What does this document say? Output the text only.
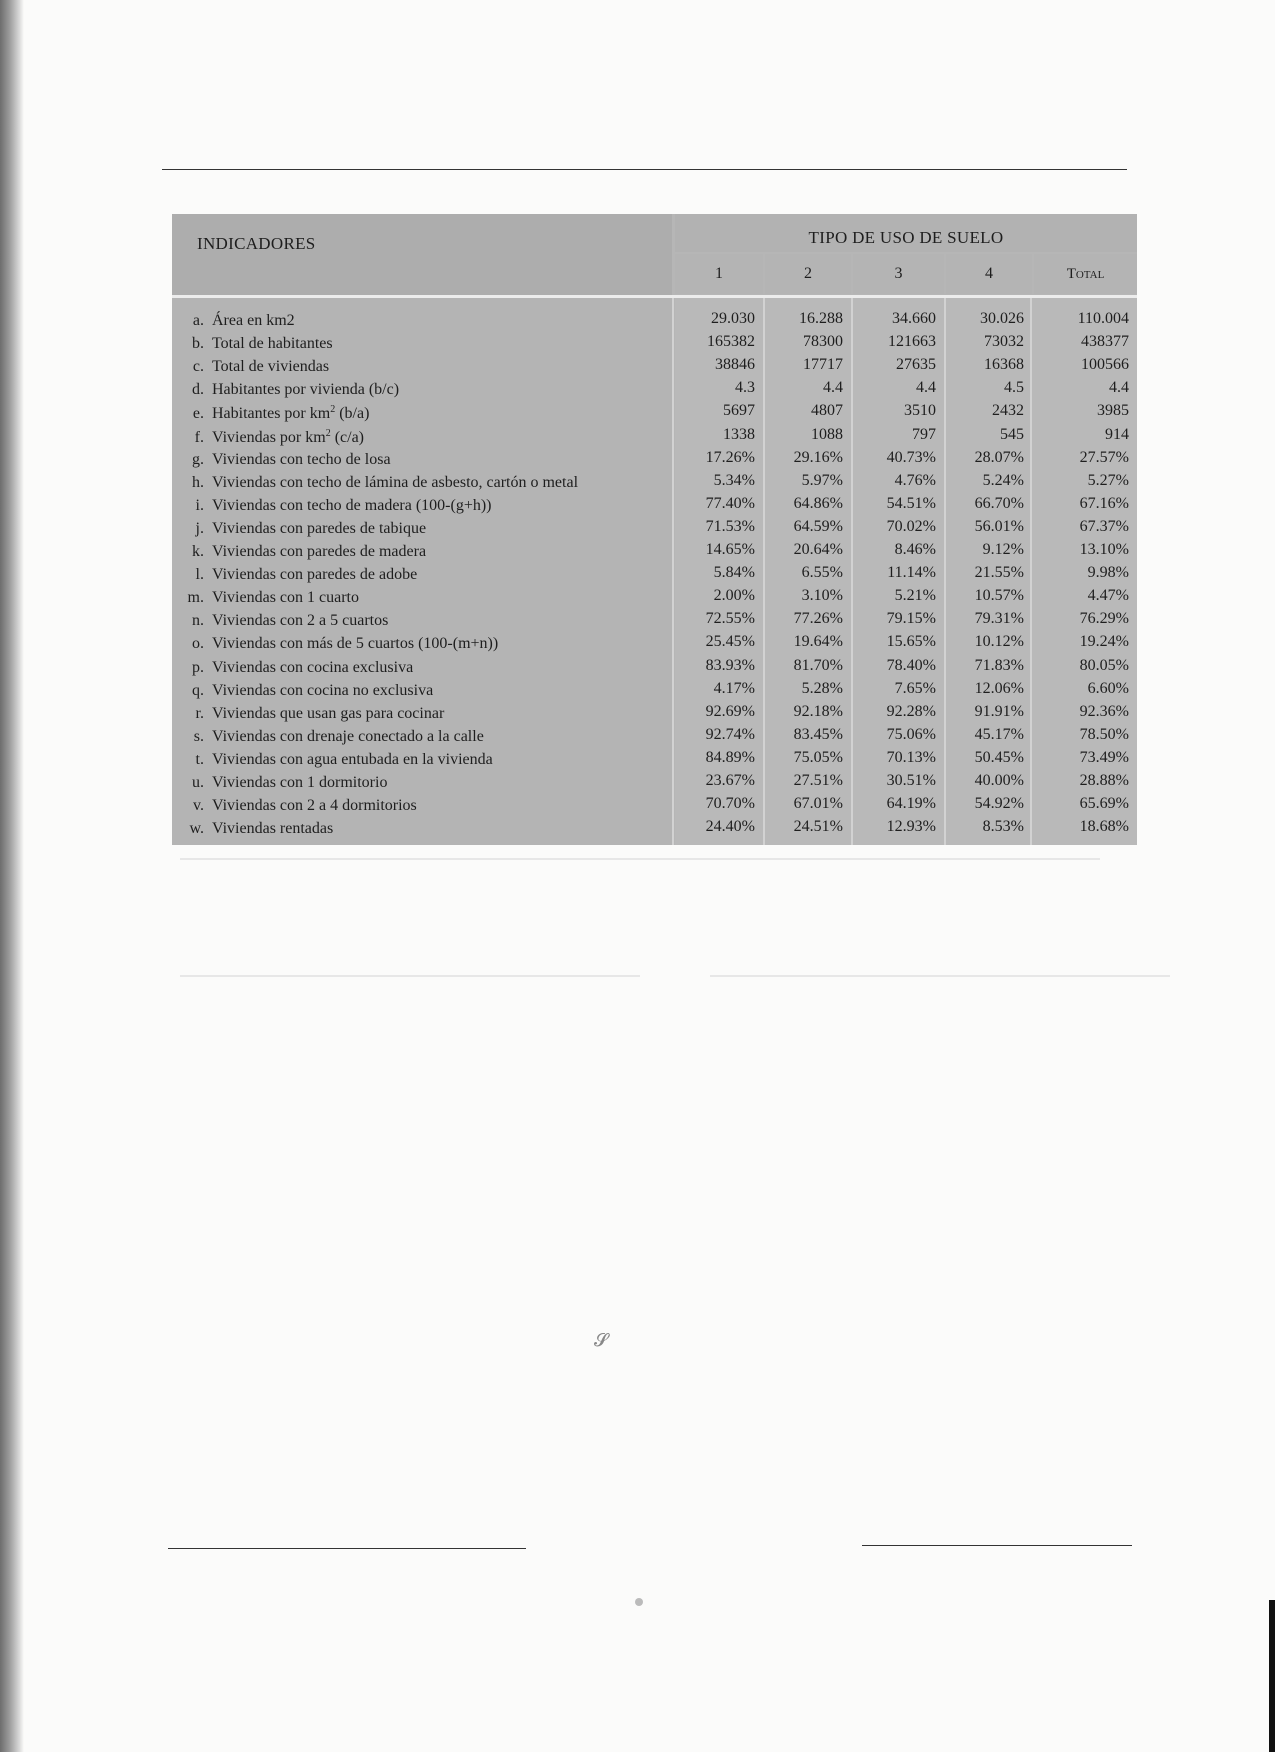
INDICADORES	TIPO DE USO DE SUELO
1	2	3	4	Total
a. Área en km2	29.030	16.288	34.660	30.026	110.004
b. Total de habitantes	165382	78300	121663	73032	438377
c. Total de viviendas	38846	17717	27635	16368	100566
d. Habitantes por vivienda (b/c)	4.3	4.4	4.4	4.5	4.4
e. Habitantes por $km^2$ (b/a)	5697	4807	3510	2432	3985
f. Viviendas por $km^2$ (c/a)	1338	1088	797	545	914
g. Viviendas con techo de losa	17.26%	29.16%	40.73%	28.07%	27.57%
h. Viviendas con techo de lámina de asbesto, cartón o metal	5.34%	5.97%	4.76%	5.24%	5.27%
i. Viviendas con techo de madera (100-(g+h))	77.40%	64.86%	54.51%	66.70%	67.16%
j. Viviendas con paredes de tabique	71.53%	64.59%	70.02%	56.01%	67.37%
k. Viviendas con paredes de madera	14.65%	20.64%	8.46%	9.12%	13.10%
l. Viviendas con paredes de adobe	5.84%	6.55%	11.14%	21.55%	9.98%
m. Viviendas con 1 cuarto	2.00%	3.10%	5.21%	10.57%	4.47%
n. Viviendas con 2 a 5 cuartos	72.55%	77.26%	79.15%	79.31%	76.29%
o. Viviendas con más de 5 cuartos (100-(m+n))	25.45%	19.64%	15.65%	10.12%	19.24%
p. Viviendas con cocina exclusiva	83.93%	81.70%	78.40%	71.83%	80.05%
q. Viviendas con cocina no exclusiva	4.17%	5.28%	7.65%	12.06%	6.60%
r. Viviendas que usan gas para cocinar	92.69%	92.18%	92.28%	91.91%	92.36%
s. Viviendas con drenaje conectado a la calle	92.74%	83.45%	75.06%	45.17%	78.50%
t. Viviendas con agua entubada en la vivienda	84.89%	75.05%	70.13%	50.45%	73.49%
u. Viviendas con 1 dormitorio	23.67%	27.51%	30.51%	40.00%	28.88%
v. Viviendas con 2 a 4 dormitorios	70.70%	67.01%	64.19%	54.92%	65.69%
w. Viviendas rentadas	24.40%	24.51%	12.93%	8.53%	18.68%
𝓢
